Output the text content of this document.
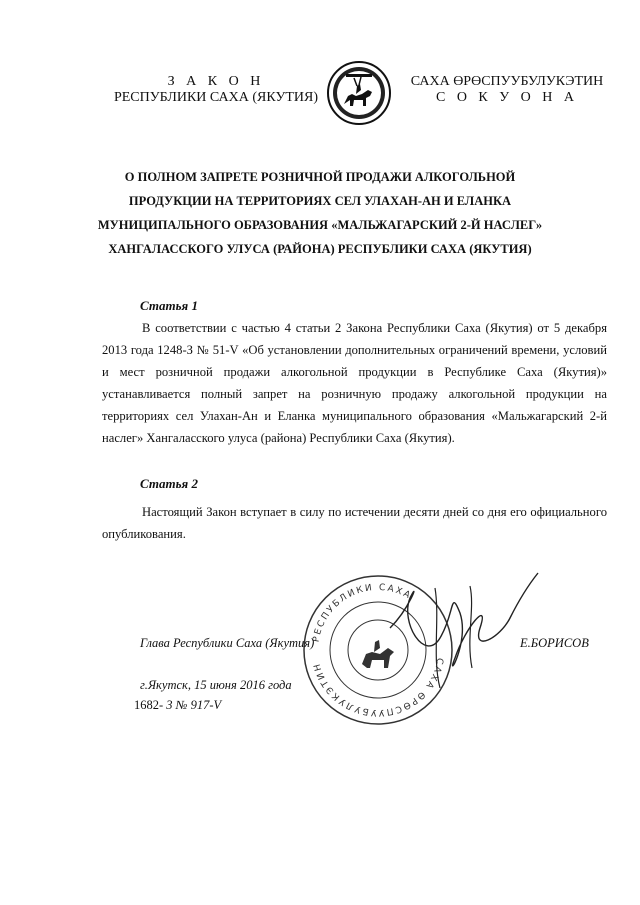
З А К О Н
РЕСПУБЛИКИ САХА (ЯКУТИЯ)
САХА ӨРӨСПУУБУЛУКЭТИН
С О К У О Н А
О ПОЛНОМ ЗАПРЕТЕ РОЗНИЧНОЙ ПРОДАЖИ АЛКОГОЛЬНОЙ
ПРОДУКЦИИ НА ТЕРРИТОРИЯХ СЕЛ УЛАХАН-АН И ЕЛАНКА
МУНИЦИПАЛЬНОГО ОБРАЗОВАНИЯ «МАЛЬЖАГАРСКИЙ 2-Й НАСЛЕГ»
ХАНГАЛАССКОГО УЛУСА (РАЙОНА) РЕСПУБЛИКИ САХА (ЯКУТИЯ)
Статья 1
В соответствии с частью 4 статьи 2 Закона Республики Саха (Якутия) от 5 декабря 2013 года 1248-З № 51-V «Об установлении дополнительных ограничений времени, условий и мест розничной продажи алкогольной продукции в Республике Саха (Якутия)» устанавливается полный запрет на розничную продажу алкогольной продукции на территориях сел Улахан-Ан и Еланка муниципального образования «Мальжагарский 2-й наслег» Хангаласского улуса (района) Республики Саха (Якутия).
Статья 2
Настоящий Закон вступает в силу по истечении десяти дней со дня его официального опубликования.
РЕСПУБЛИКИ САХА
САХА ӨРӨСПУУБУЛУКЭТИН
Глава Республики Саха (Якутия)	Е.БОРИСОВ
г.Якутск, 15 июня 2016 года
1682- 3 № 917-V
